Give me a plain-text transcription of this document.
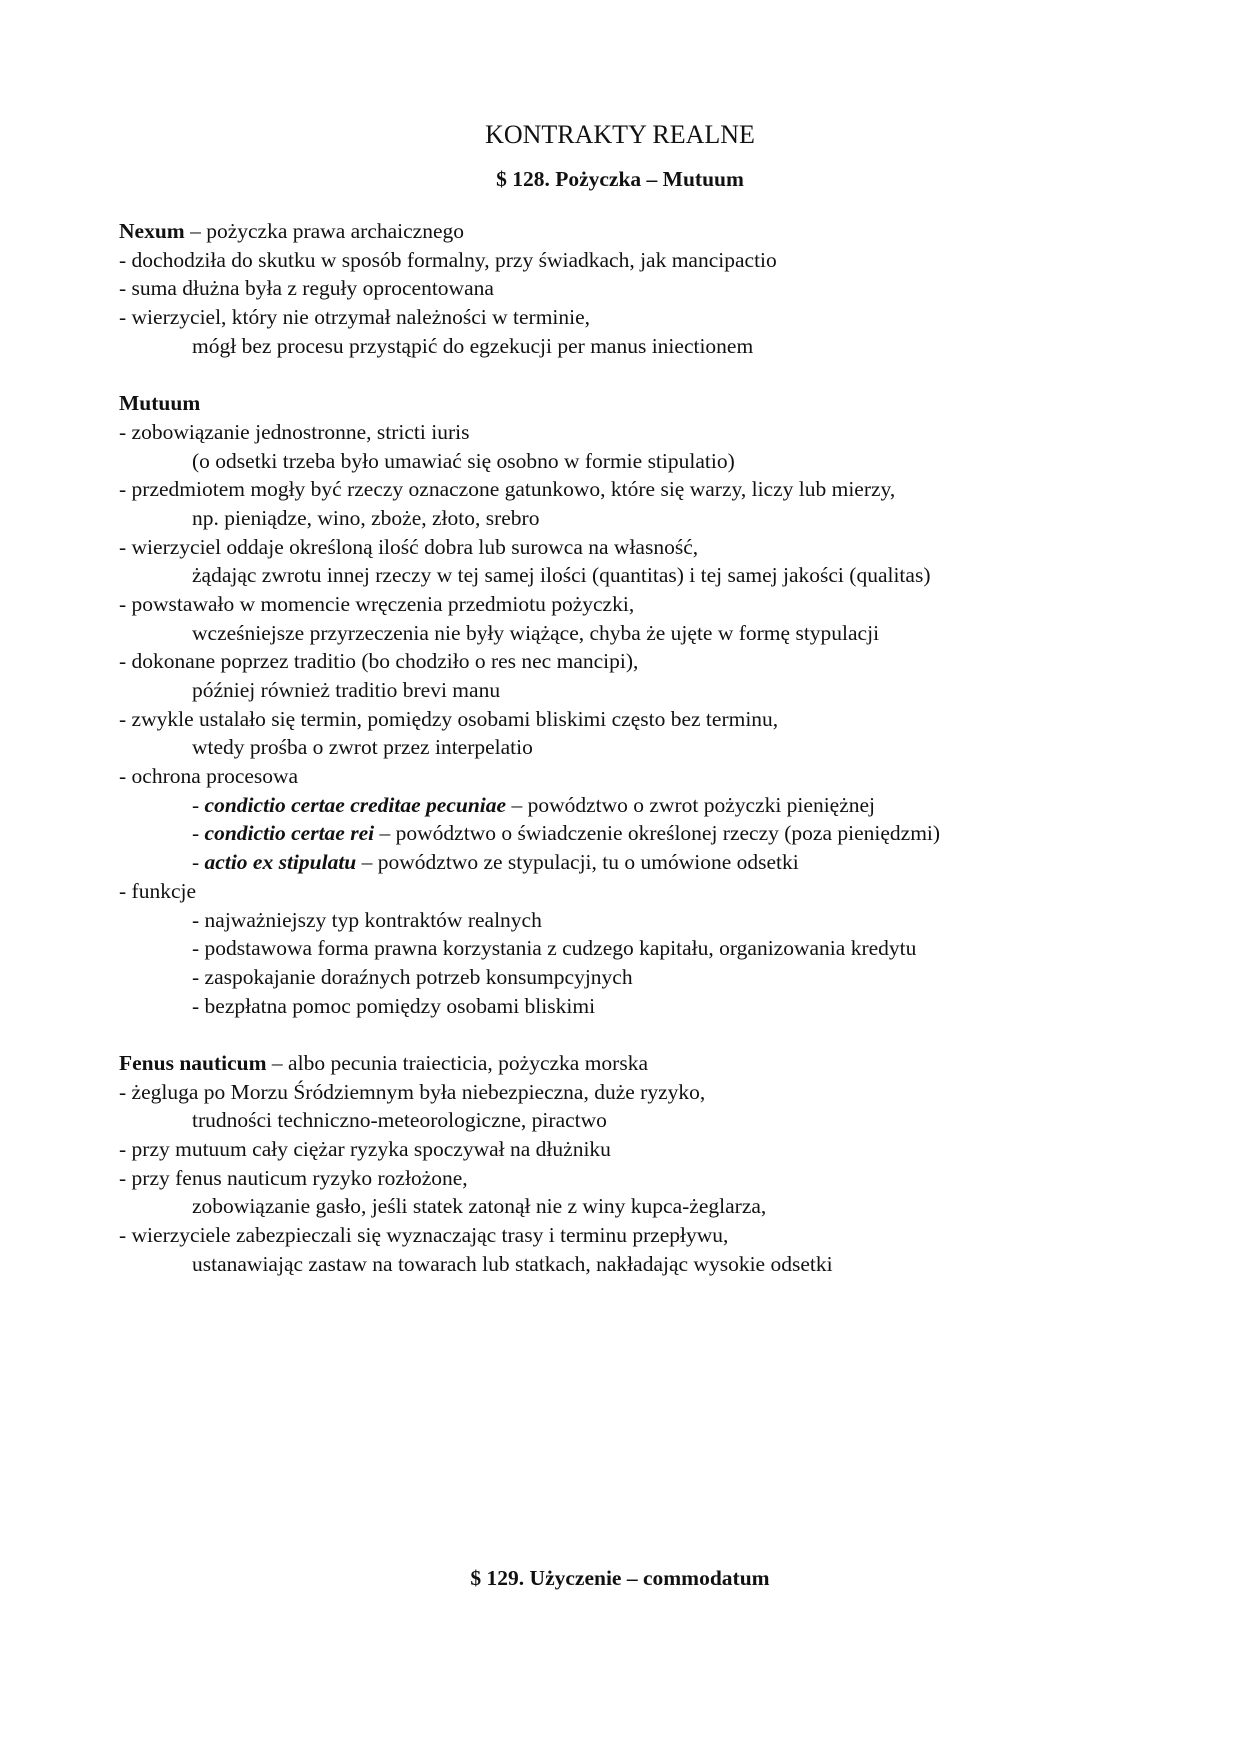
KONTRAKTY REALNE
$ 128. Pożyczka – Mutuum
Nexum – pożyczka prawa archaicznego
- dochodziła do skutku w sposób formalny, przy świadkach, jak mancipactio
- suma dłużna była z reguły oprocentowana
- wierzyciel, który nie otrzymał należności w terminie,
mógł bez procesu przystąpić do egzekucji per manus iniectionem
Mutuum
- zobowiązanie jednostronne, stricti iuris
(o odsetki trzeba było umawiać się osobno w formie stipulatio)
- przedmiotem mogły być rzeczy oznaczone gatunkowo, które się warzy, liczy lub mierzy,
np. pieniądze, wino, zboże, złoto, srebro
- wierzyciel oddaje określoną ilość dobra lub surowca na własność,
żądając zwrotu innej rzeczy w tej samej ilości (quantitas) i tej samej jakości (qualitas)
- powstawało w momencie wręczenia przedmiotu pożyczki,
wcześniejsze przyrzeczenia nie były wiążące, chyba że ujęte w formę stypulacji
- dokonane poprzez traditio (bo chodziło o res nec mancipi),
później również traditio brevi manu
- zwykle ustalało się termin, pomiędzy osobami bliskimi często bez terminu,
wtedy prośba o zwrot przez interpelatio
- ochrona procesowa
- condictio certae creditae pecuniae – powództwo o zwrot pożyczki pieniężnej
- condictio certae rei – powództwo o świadczenie określonej rzeczy (poza pieniędzmi)
- actio ex stipulatu – powództwo ze stypulacji, tu o umówione odsetki
- funkcje
- najważniejszy typ kontraktów realnych
- podstawowa forma prawna korzystania z cudzego kapitału, organizowania kredytu
- zaspokajanie doraźnych potrzeb konsumpcyjnych
- bezpłatna pomoc pomiędzy osobami bliskimi
Fenus nauticum – albo pecunia traiecticia, pożyczka morska
- żegluga po Morzu Śródziemnym była niebezpieczna, duże ryzyko,
trudności techniczno-meteorologiczne, piractwo
- przy mutuum cały ciężar ryzyka spoczywał na dłużniku
- przy fenus nauticum ryzyko rozłożone,
zobowiązanie gasło, jeśli statek zatonął nie z winy kupca-żeglarza,
- wierzyciele zabezpieczali się wyznaczając trasy i terminu przepływu,
ustanawiając zastaw na towarach lub statkach, nakładając wysokie odsetki
$ 129. Użyczenie – commodatum
